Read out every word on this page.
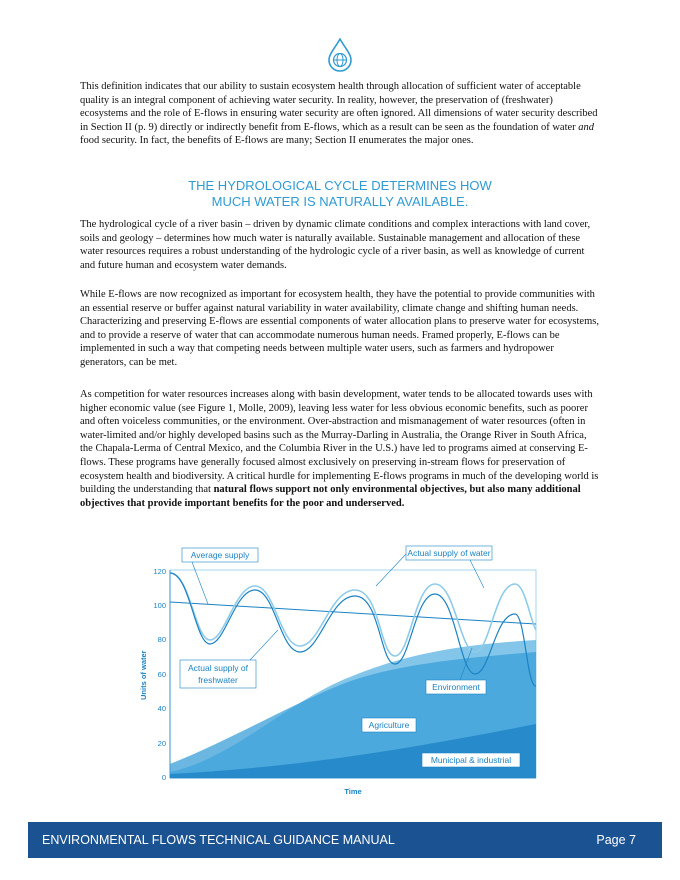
This definition indicates that our ability to sustain ecosystem health through allocation of sufficient water of acceptable quality is an integral component of achieving water security. In reality, however, the preservation of (freshwater) ecosystems and the role of E-flows in ensuring water security are often ignored. All dimensions of water security described in Section II (p. 9) directly or indirectly benefit from E-flows, which as a result can be seen as the foundation of water and food security. In fact, the benefits of E-flows are many; Section II enumerates the major ones.
THE HYDROLOGICAL CYCLE DETERMINES HOW
MUCH WATER IS NATURALLY AVAILABLE.
The hydrological cycle of a river basin – driven by dynamic climate conditions and complex interactions with land cover, soils and geology – determines how much water is naturally available. Sustainable management and allocation of these water resources requires a robust understanding of the hydrologic cycle of a river basin, as well as knowledge of current and future human and ecosystem water demands.
While E-flows are now recognized as important for ecosystem health, they have the potential to provide communities with an essential reserve or buffer against natural variability in water availability, climate change and shifting human needs. Characterizing and preserving E-flows are essential components of water allocation plans to preserve water for ecosystems, and to provide a reserve of water that can accommodate numerous human needs. Framed properly, E-flows can be implemented in such a way that competing needs between multiple water users, such as farmers and hydropower generators, can be met.
As competition for water resources increases along with basin development, water tends to be allocated towards uses with higher economic value (see Figure 1, Molle, 2009), leaving less water for less obvious economic benefits, such as poorer and often voiceless communities, or the environment. Over-abstraction and mismanagement of water resources (often in water-limited and/or highly developed basins such as the Murray-Darling in Australia, the Orange River in South Africa, the Chapala-Lerma of Central Mexico, and the Columbia River in the U.S.) have led to programs aimed at conserving E-flows. These programs have generally focused almost exclusively on preserving in-stream flows for preservation of ecosystem health and biodiversity. A critical hurdle for implementing E-flows programs in much of the developing world is building the understanding that natural flows support not only environmental objectives, but also many additional objectives that provide important benefits for the poor and underserved.
0
20
40
60
80
100
120
Units of water
Time
Average supply	Actual supply of water
Actual supply of
freshwater
Environment
Agriculture
Municipal & industrial
ENVIRONMENTAL FLOWS TECHNICAL GUIDANCE MANUAL	Page 7
